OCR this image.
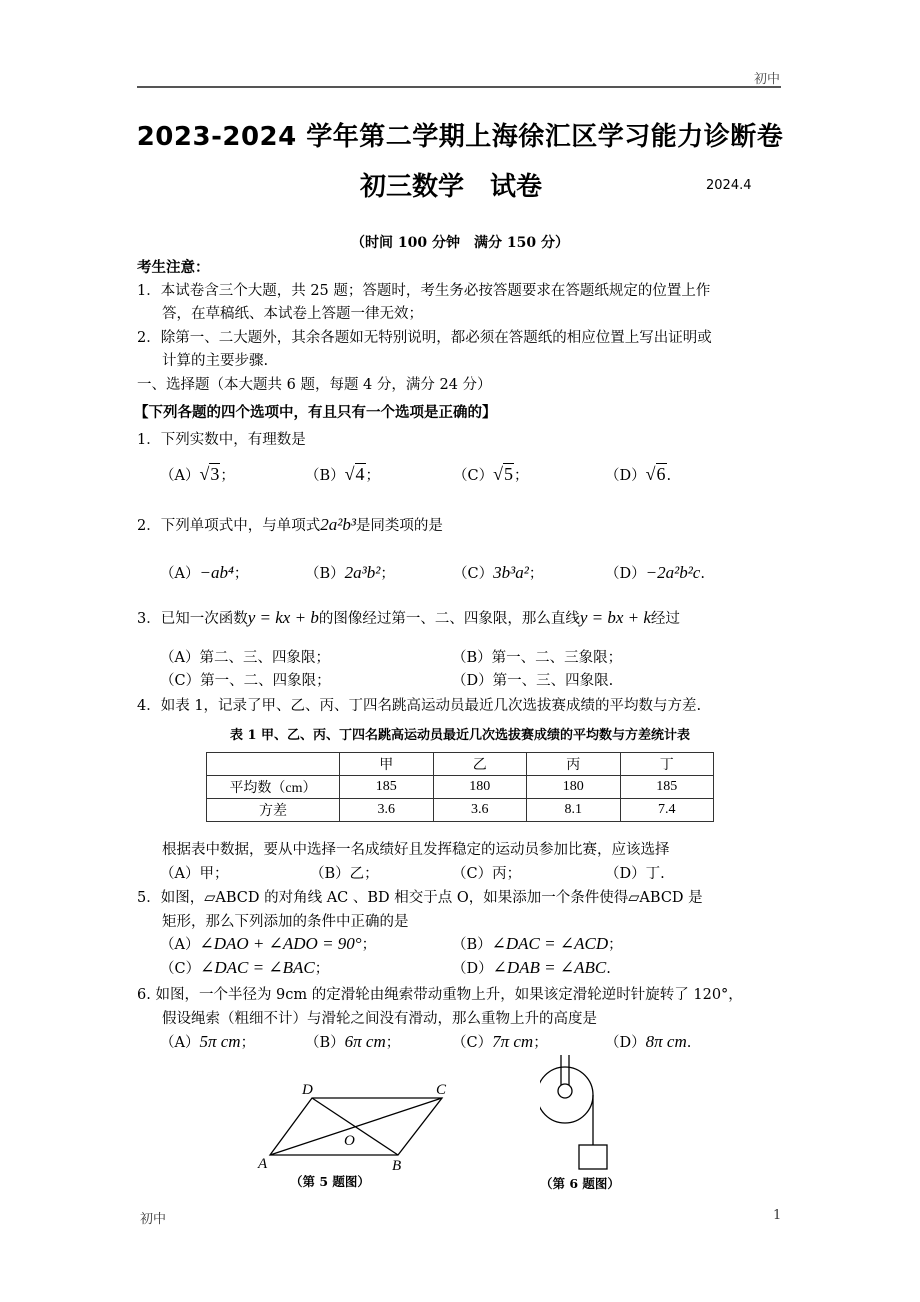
初中
2023-2024 学年第二学期上海徐汇区学习能力诊断卷
初三数学 试卷	2024.4
（时间 100 分钟　满分 150 分）
考生注意：
1．本试卷含三个大题，共 25 题；答题时，考生务必按答题要求在答题纸规定的位置上作
答，在草稿纸、本试卷上答题一律无效；
2．除第一、二大题外，其余各题如无特别说明，都必须在答题纸的相应位置上写出证明或
计算的主要步骤.
一、选择题（本大题共 6 题，每题 4 分，满分 24 分）
【下列各题的四个选项中，有且只有一个选项是正确的】
1．下列实数中，有理数是
（A）√3；	（B）√4；	（C）√5；	（D）√6.
2．下列单项式中，与单项式2a²b³是同类项的是
（A）−ab⁴；	（B）2a³b²；	（C）3b³a²；	（D）−2a²b²c.
3．已知一次函数y = kx + b的图像经过第一、二、四象限，那么直线y = bx + k经过
（A）第二、三、四象限；	（B）第一、二、三象限；
（C）第一、二、四象限；	（D）第一、三、四象限.
4．如表 1，记录了甲、乙、丙、丁四名跳高运动员最近几次选拔赛成绩的平均数与方差.
表 1 甲、乙、丙、丁四名跳高运动员最近几次选拔赛成绩的平均数与方差统计表
	甲	乙	丙	丁
平均数（cm）	185	180	180	185
方差	3.6	3.6	8.1	7.4
根据表中数据，要从中选择一名成绩好且发挥稳定的运动员参加比赛，应该选择
（A）甲；	（B）乙；	（C）丙；	（D）丁.
5．如图，▱ABCD 的对角线 AC 、BD 相交于点 O，如果添加一个条件使得▱ABCD 是
矩形，那么下列添加的条件中正确的是
（A）∠DAO + ∠ADO = 90°；	（B）∠DAC = ∠ACD；
（C）∠DAC = ∠BAC；	（D）∠DAB = ∠ABC.
6. 如图，一个半径为 9cm 的定滑轮由绳索带动重物上升，如果该定滑轮逆时针旋转了 120°，
假设绳索（粗细不计）与滑轮之间没有滑动，那么重物上升的高度是
（A）5π cm；	（B）6π cm；	（C）7π cm；	（D）8π cm.
A	B
C
D
O
（第 5 题图）	（第 6 题图）
初中	1
